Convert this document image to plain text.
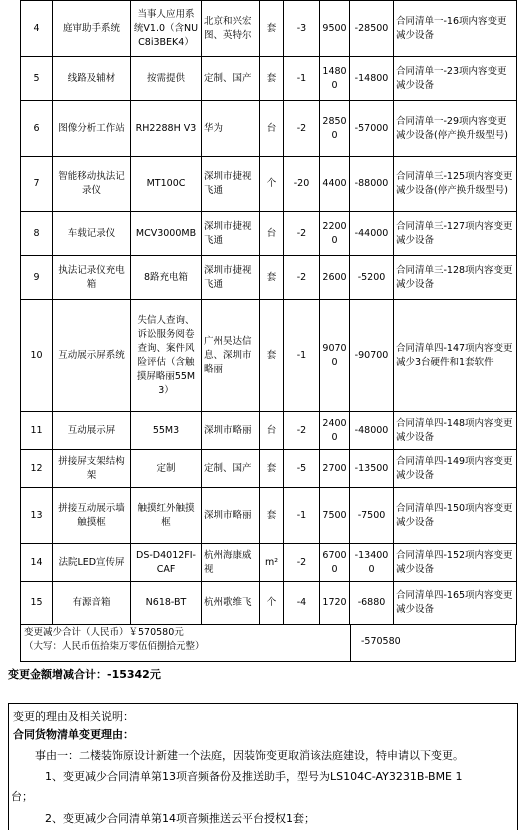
4	庭审助手系统	当事人应用系统V1.0（含NUC8i3BEK4）	北京和兴宏图、英特尔	套	-3	9500	-28500	合同清单一-16项内容变更减少设备
5	线路及辅材	按需提供	定制、国产	套	-1	14800	-14800	合同清单一-23项内容变更减少设备
6	图像分析工作站	RH2288H V3	华为	台	-2	28500	-57000	合同清单一-29项内容变更减少设备(停产换升级型号)
7	智能移动执法记录仪	MT100C	深圳市捷视飞通	个	-20	4400	-88000	合同清单三-125项内容变更减少设备(停产换升级型号)
8	车载记录仪	MCV3000MB	深圳市捷视飞通	台	-2	22000	-44000	合同清单三-127项内容变更减少设备
9	执法记录仪充电箱	8路充电箱	深圳市捷视飞通	套	-2	2600	-5200	合同清单三-128项内容变更减少设备
10	互动展示屏系统	失信人查询、诉讼服务阅卷查询、案件风险评估（含触摸屏略丽55M3）	广州昊达信息、深圳市略丽	套	-1	90700	-90700	合同清单四-147项内容变更减少3台硬件和1套软件
11	互动展示屏	55M3	深圳市略丽	台	-2	24000	-48000	合同清单四-148项内容变更减少设备
12	拼接屏支架结构架	定制	定制、国产	套	-5	2700	-13500	合同清单四-149项内容变更减少设备
13	拼接互动展示墙触摸框	触摸红外触摸框	深圳市略丽	套	-1	7500	-7500	合同清单四-150项内容变更减少设备
14	法院LED宣传屏	DS-D4012FI-CAF	杭州海康威视	m²	-2	67000	-134000	合同清单四-152项内容变更减少设备
15	有源音箱	N618-BT	杭州歌维飞	个	-4	1720	-6880	合同清单四-165项内容变更减少设备
变更减少合计（人民币）￥570580元
（大写：人民币伍拾柒万零伍佰捌拾元整）	-570580
变更金额增减合计：-15342元
变更的理由及相关说明：
合同货物清单变更理由：
事由一：二楼装饰原设计新建一个法庭，因装饰变更取消该法庭建设，特申请以下变更。
1、变更减少合同清单第13项音频备份及推送助手，型号为LS104C-AY3231B-BME 1
台；
2、变更减少合同清单第14项音频推送云平台授权1套；
